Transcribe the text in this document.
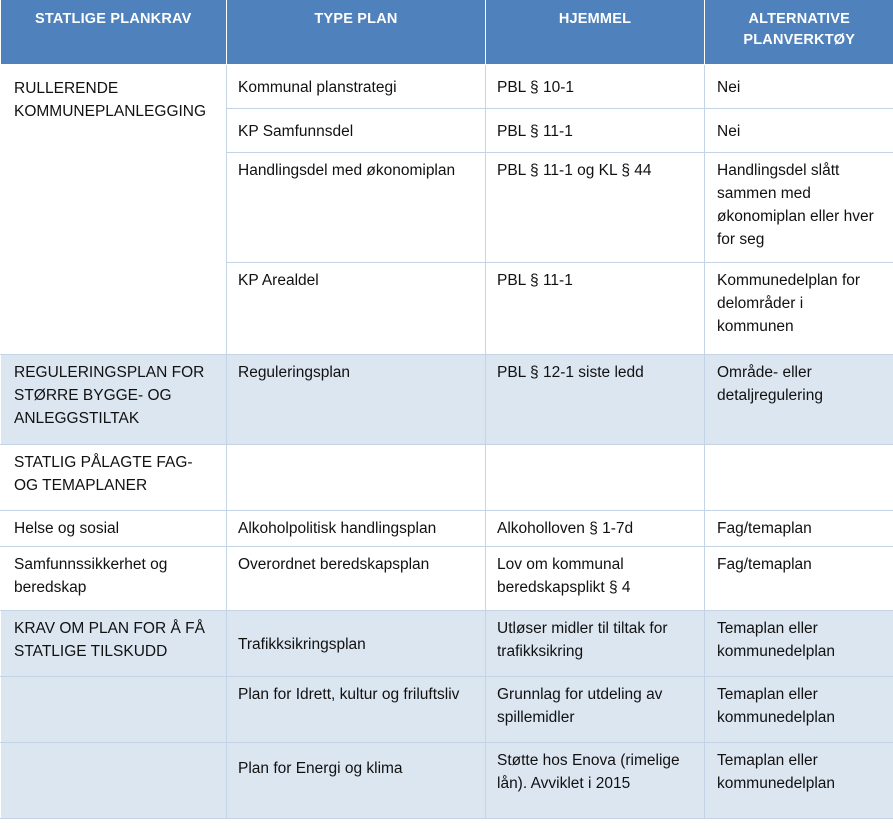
STATLIGE PLANKRAV	TYPE PLAN	HJEMMEL	ALTERNATIVE PLANVERKTØY
RULLERENDE KOMMUNEPLANLEGGING	Kommunal planstrategi	PBL § 10-1	Nei
	KP Samfunnsdel	PBL § 11-1	Nei
	Handlingsdel med økonomiplan	PBL § 11-1 og KL § 44	Handlingsdel slått sammen med økonomiplan eller hver for seg
	KP Arealdel	PBL § 11-1	Kommunedelplan for delområder i kommunen
REGULERINGSPLAN FOR STØRRE BYGGE- OG ANLEGGSTILTAK	Reguleringsplan	PBL § 12-1 siste ledd	Område- eller detaljregulering
STATLIG PÅLAGTE FAG- OG TEMAPLANER			
Helse og sosial	Alkoholpolitisk handlingsplan	Alkoholloven § 1-7d	Fag/temaplan
Samfunnssikkerhet og beredskap	Overordnet beredskapsplan	Lov om kommunal beredskapsplikt § 4	Fag/temaplan
KRAV OM PLAN FOR Å FÅ STATLIGE TILSKUDD	Trafikksikringsplan	Utløser midler til tiltak for trafikksikring	Temaplan eller kommunedelplan
	Plan for Idrett, kultur og friluftsliv	Grunnlag for utdeling av spillemidler	Temaplan eller kommunedelplan
	Plan for Energi og klima	Støtte hos Enova (rimelige lån). Avviklet i 2015	Temaplan eller kommunedelplan
